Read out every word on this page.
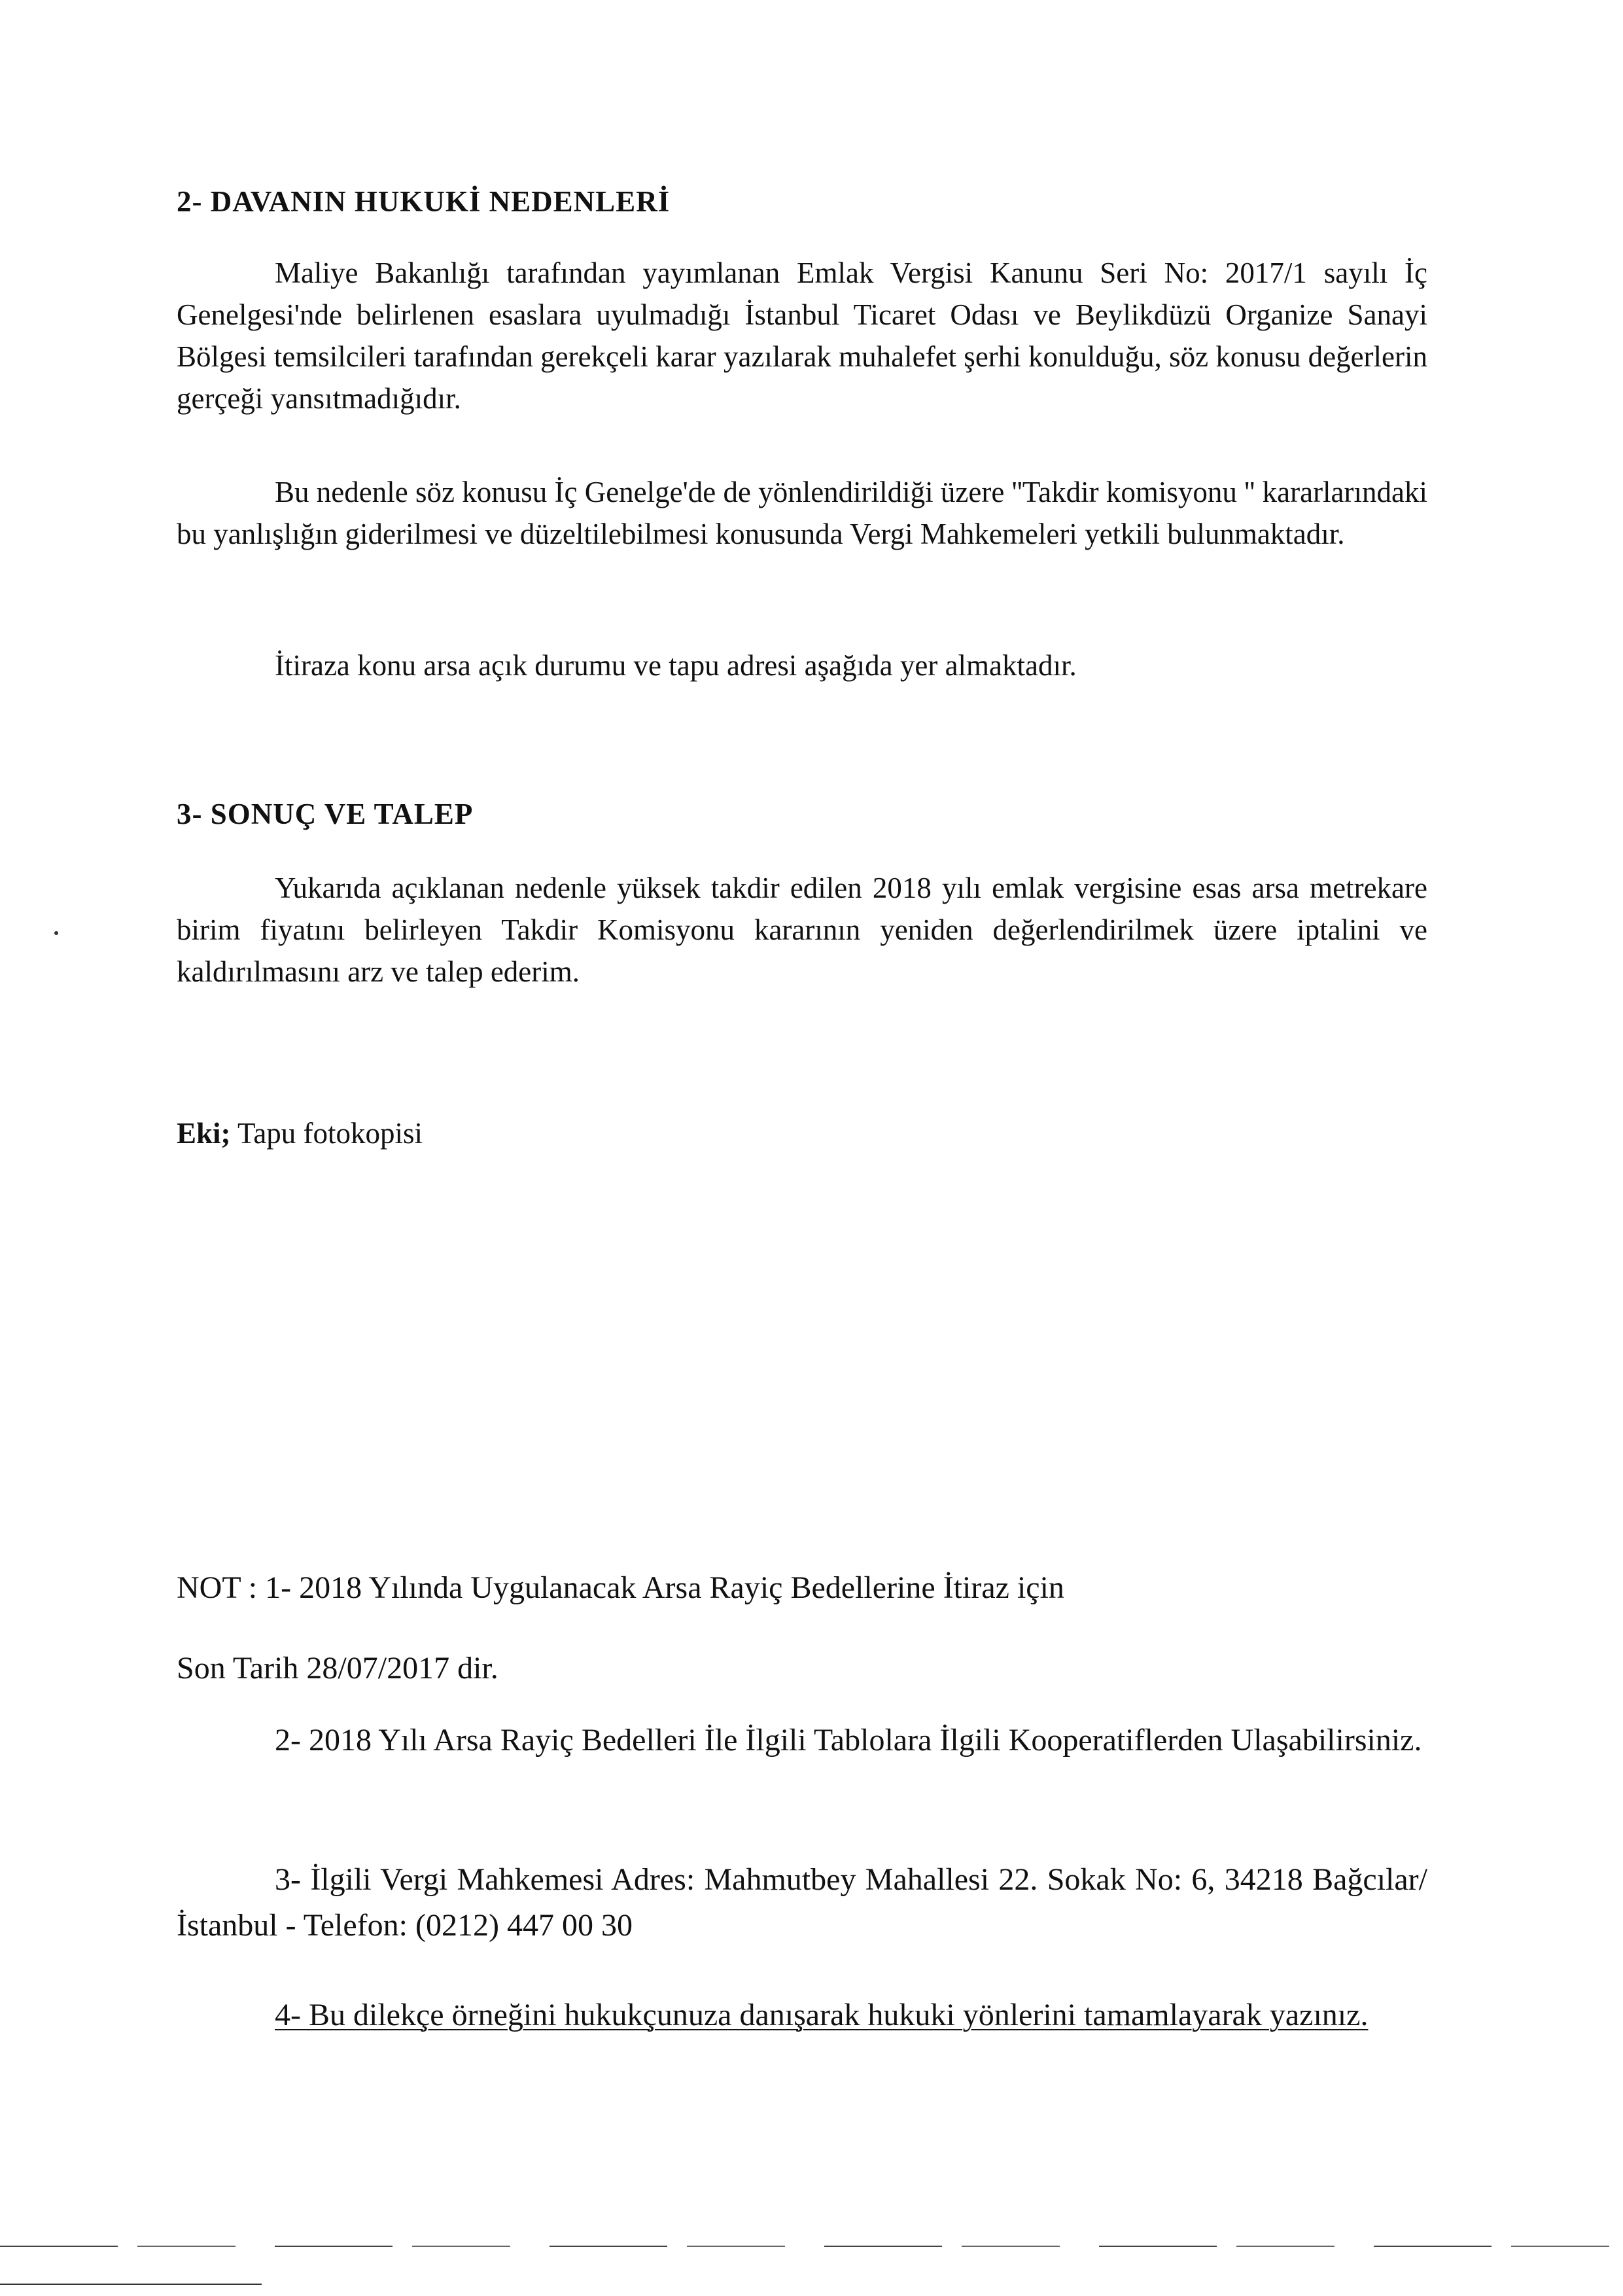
2- DAVANIN HUKUKİ NEDENLERİ
Maliye Bakanlığı tarafından yayımlanan Emlak Vergisi Kanunu Seri No: 2017/1 sayılı İç Genelgesi'nde belirlenen esaslara uyulmadığı İstanbul Ticaret Odası ve Beylikdüzü Organize Sanayi Bölgesi temsilcileri tarafından gerekçeli karar yazılarak muhalefet şerhi konulduğu, söz konusu değerlerin gerçeği yansıtmadığıdır.
Bu nedenle söz konusu İç Genelge'de de yönlendirildiği üzere ''Takdir komisyonu '' kararlarındaki bu yanlışlığın giderilmesi ve düzeltilebilmesi konusunda Vergi Mahkemeleri yetkili bulunmaktadır.
İtiraza konu arsa açık durumu ve tapu adresi aşağıda yer almaktadır.
3- SONUÇ VE TALEP
Yukarıda açıklanan nedenle yüksek takdir edilen 2018 yılı emlak vergisine esas arsa metrekare birim fiyatını belirleyen Takdir Komisyonu kararının yeniden değerlendirilmek üzere iptalini ve kaldırılmasını arz ve talep ederim.
Eki; Tapu fotokopisi
NOT : 1- 2018 Yılında Uygulanacak Arsa Rayiç Bedellerine İtiraz için
Son Tarih 28/07/2017 dir.
2- 2018 Yılı Arsa Rayiç Bedelleri İle İlgili Tablolara İlgili Kooperatiflerden Ulaşabilirsiniz.
3- İlgili Vergi Mahkemesi Adres: Mahmutbey Mahallesi 22. Sokak No: 6, 34218 Bağcılar/İstanbul - Telefon: (0212) 447 00 30
4- Bu dilekçe örneğini hukukçunuza danışarak hukuki yönlerini tamamlayarak yazınız.
